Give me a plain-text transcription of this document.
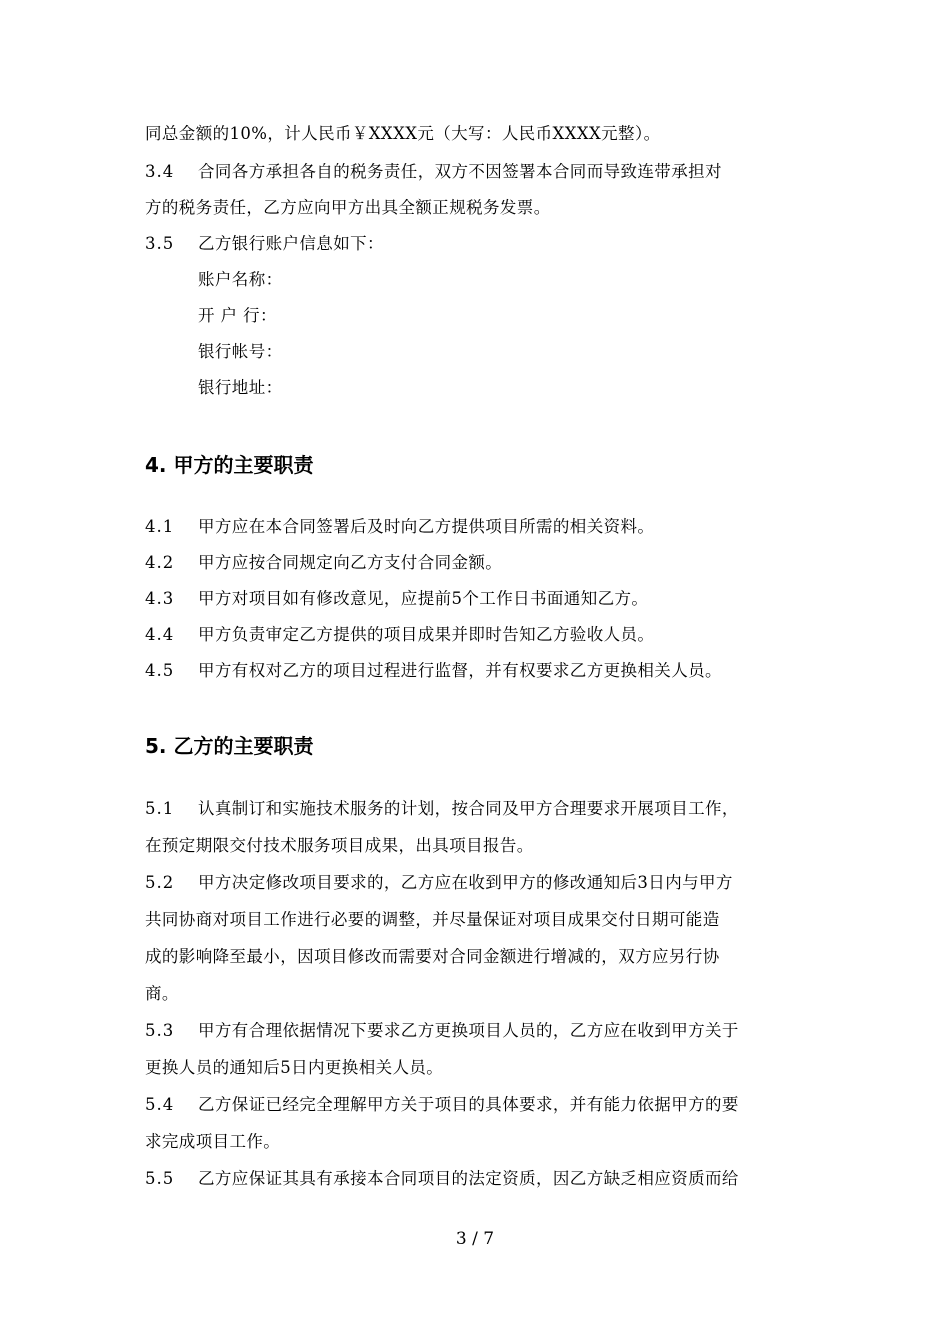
同总金额的10%，计人民币￥XXXX元（大写：人民币XXXX元整）。
3.4 合同各方承担各自的税务责任，双方不因签署本合同而导致连带承担对
方的税务责任，乙方应向甲方出具全额正规税务发票。
3.5 乙方银行账户信息如下：
账户名称：
开 户 行：
银行帐号：
银行地址：
4. 甲方的主要职责
4.1 甲方应在本合同签署后及时向乙方提供项目所需的相关资料。
4.2 甲方应按合同规定向乙方支付合同金额。
4.3 甲方对项目如有修改意见，应提前5个工作日书面通知乙方。
4.4 甲方负责审定乙方提供的项目成果并即时告知乙方验收人员。
4.5 甲方有权对乙方的项目过程进行监督，并有权要求乙方更换相关人员。
5. 乙方的主要职责
5.1 认真制订和实施技术服务的计划，按合同及甲方合理要求开展项目工作，
在预定期限交付技术服务项目成果，出具项目报告。
5.2 甲方决定修改项目要求的，乙方应在收到甲方的修改通知后3日内与甲方
共同协商对项目工作进行必要的调整，并尽量保证对项目成果交付日期可能造
成的影响降至最小，因项目修改而需要对合同金额进行增减的，双方应另行协
商。
5.3 甲方有合理依据情况下要求乙方更换项目人员的，乙方应在收到甲方关于
更换人员的通知后5日内更换相关人员。
5.4 乙方保证已经完全理解甲方关于项目的具体要求，并有能力依据甲方的要
求完成项目工作。
5.5 乙方应保证其具有承接本合同项目的法定资质，因乙方缺乏相应资质而给
3 / 7
